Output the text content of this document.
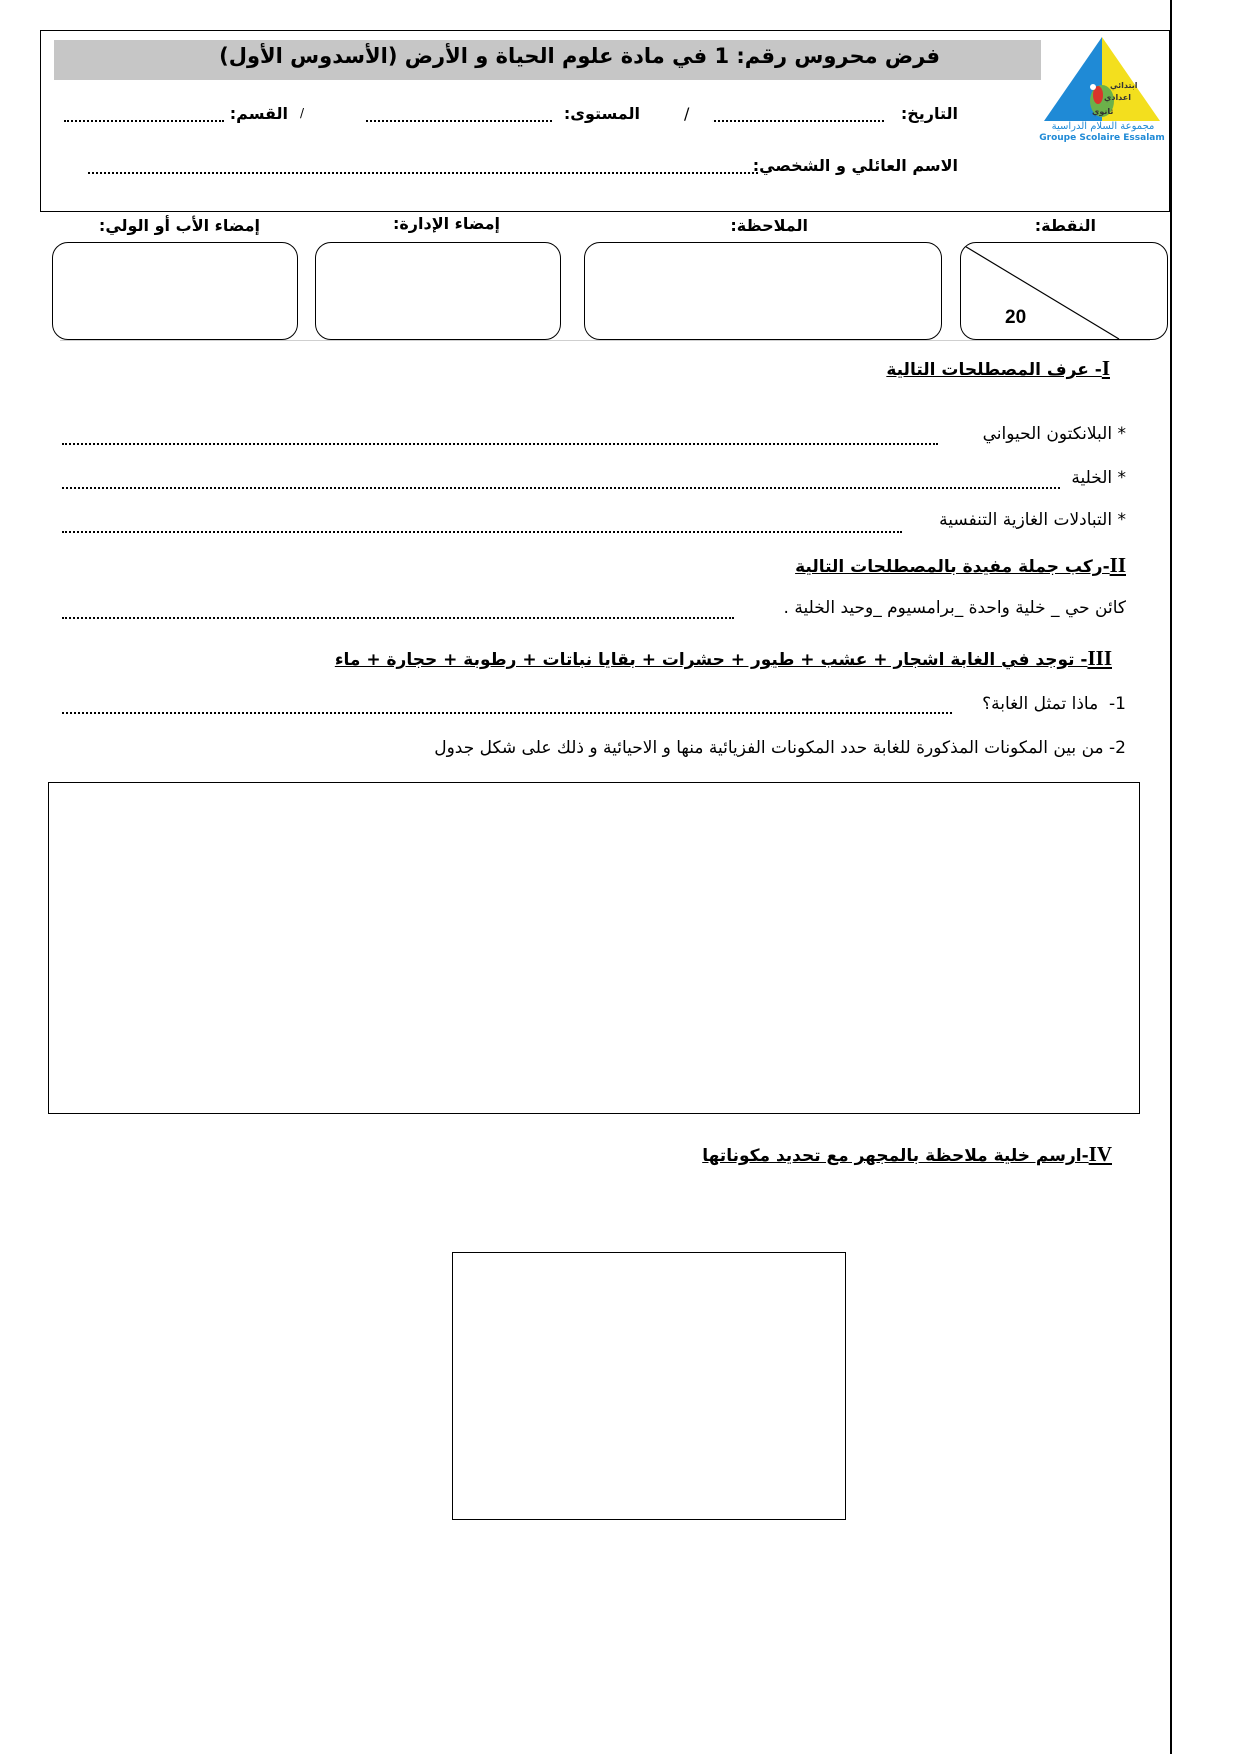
فرض محروس رقم: 1 في مادة علوم الحياة و الأرض (الأسدوس الأول)
ابتدائي
اعدادي
ثانوي
مجموعة السلام الدراسية
Groupe Scolaire Essalam
التاريخ:
/
المستوى:
/
القسم:
الاسم العائلي و الشخصي:
النقطة:
الملاحظة:
إمضاء الإدارة:
إمضاء الأب أو الولي:
20
I- عرف المصطلحات التالية
* البلانكتون الحيواني
* الخلية
* التبادلات الغازية التنفسية
II-ركب جملة مفيدة بالمصطلحات التالية
كائن حي _ خلية واحدة _برامسيوم _وحيد الخلية .
III- توجد في الغابة اشجار + عشب + طيور + حشرات + بقايا نباتات + رطوبة + حجارة + ماء
1-  ماذا تمثل الغابة؟
2- من بين المكونات المذكورة للغابة حدد المكونات الفزيائية منها و الاحيائية و ذلك على شكل جدول
IV-ارسم خلية ملاحظة بالمجهر مع تحديد مكوناتها
